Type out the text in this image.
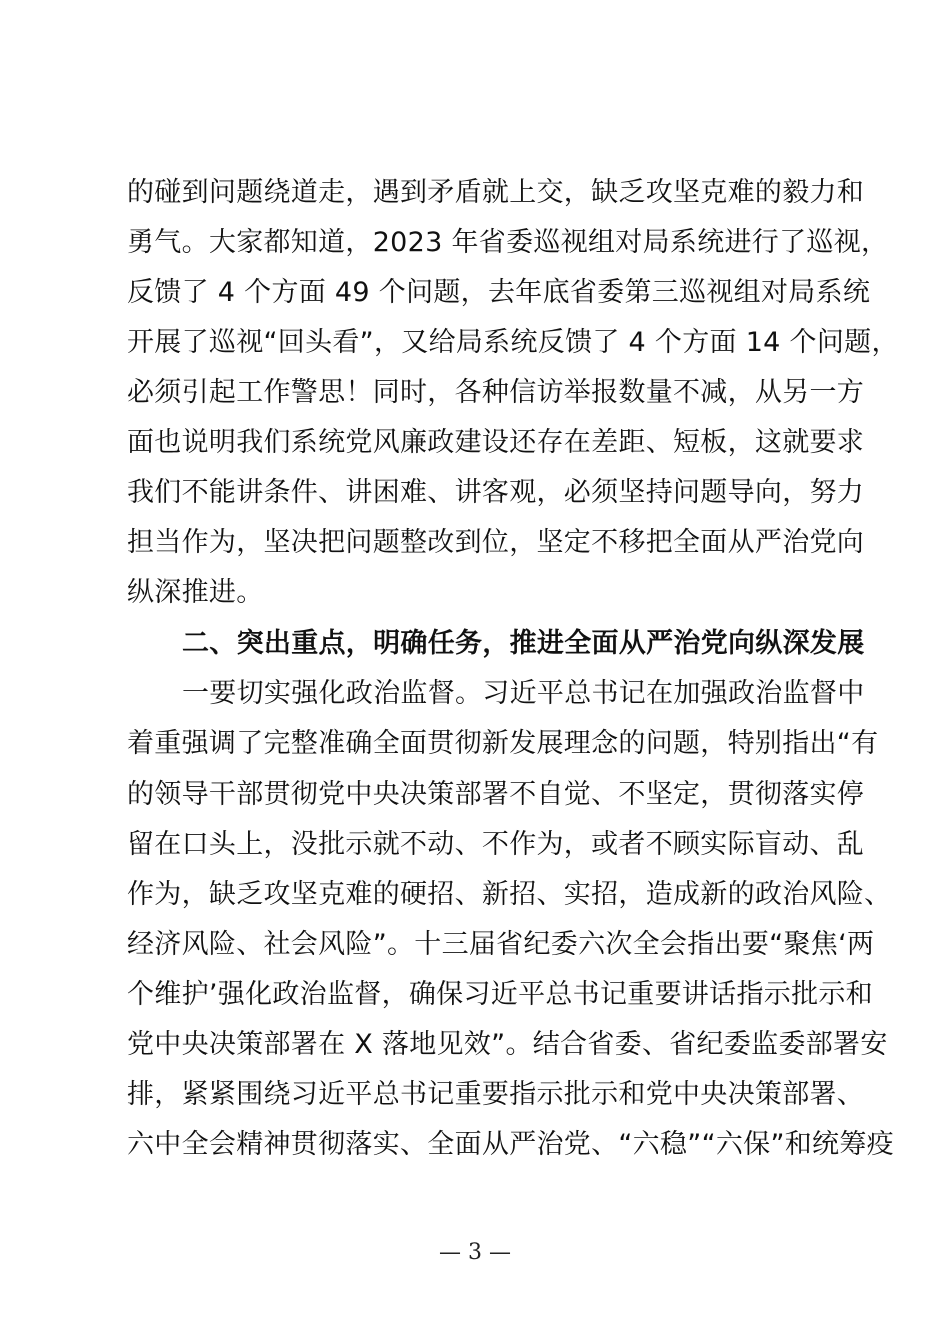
的碰到问题绕道走，遇到矛盾就上交，缺乏攻坚克难的毅力和
勇气。大家都知道，2023 年省委巡视组对局系统进行了巡视，
反馈了 4 个方面 49 个问题，去年底省委第三巡视组对局系统
开展了巡视“回头看”，又给局系统反馈了 4 个方面 14 个问题，
必须引起工作警思！同时，各种信访举报数量不减，从另一方
面也说明我们系统党风廉政建设还存在差距、短板，这就要求
我们不能讲条件、讲困难、讲客观，必须坚持问题导向，努力
担当作为，坚决把问题整改到位，坚定不移把全面从严治党向
纵深推进。
二、突出重点，明确任务，推进全面从严治党向纵深发展
一要切实强化政治监督。习近平总书记在加强政治监督中
着重强调了完整准确全面贯彻新发展理念的问题，特别指出“有
的领导干部贯彻党中央决策部署不自觉、不坚定，贯彻落实停
留在口头上，没批示就不动、不作为，或者不顾实际盲动、乱
作为，缺乏攻坚克难的硬招、新招、实招，造成新的政治风险、
经济风险、社会风险”。十三届省纪委六次全会指出要“聚焦‘两
个维护’强化政治监督，确保习近平总书记重要讲话指示批示和
党中央决策部署在 X 落地见效”。结合省委、省纪委监委部署安
排，紧紧围绕习近平总书记重要指示批示和党中央决策部署、
六中全会精神贯彻落实、全面从严治党、“六稳”“六保”和统筹疫
— 3 —
